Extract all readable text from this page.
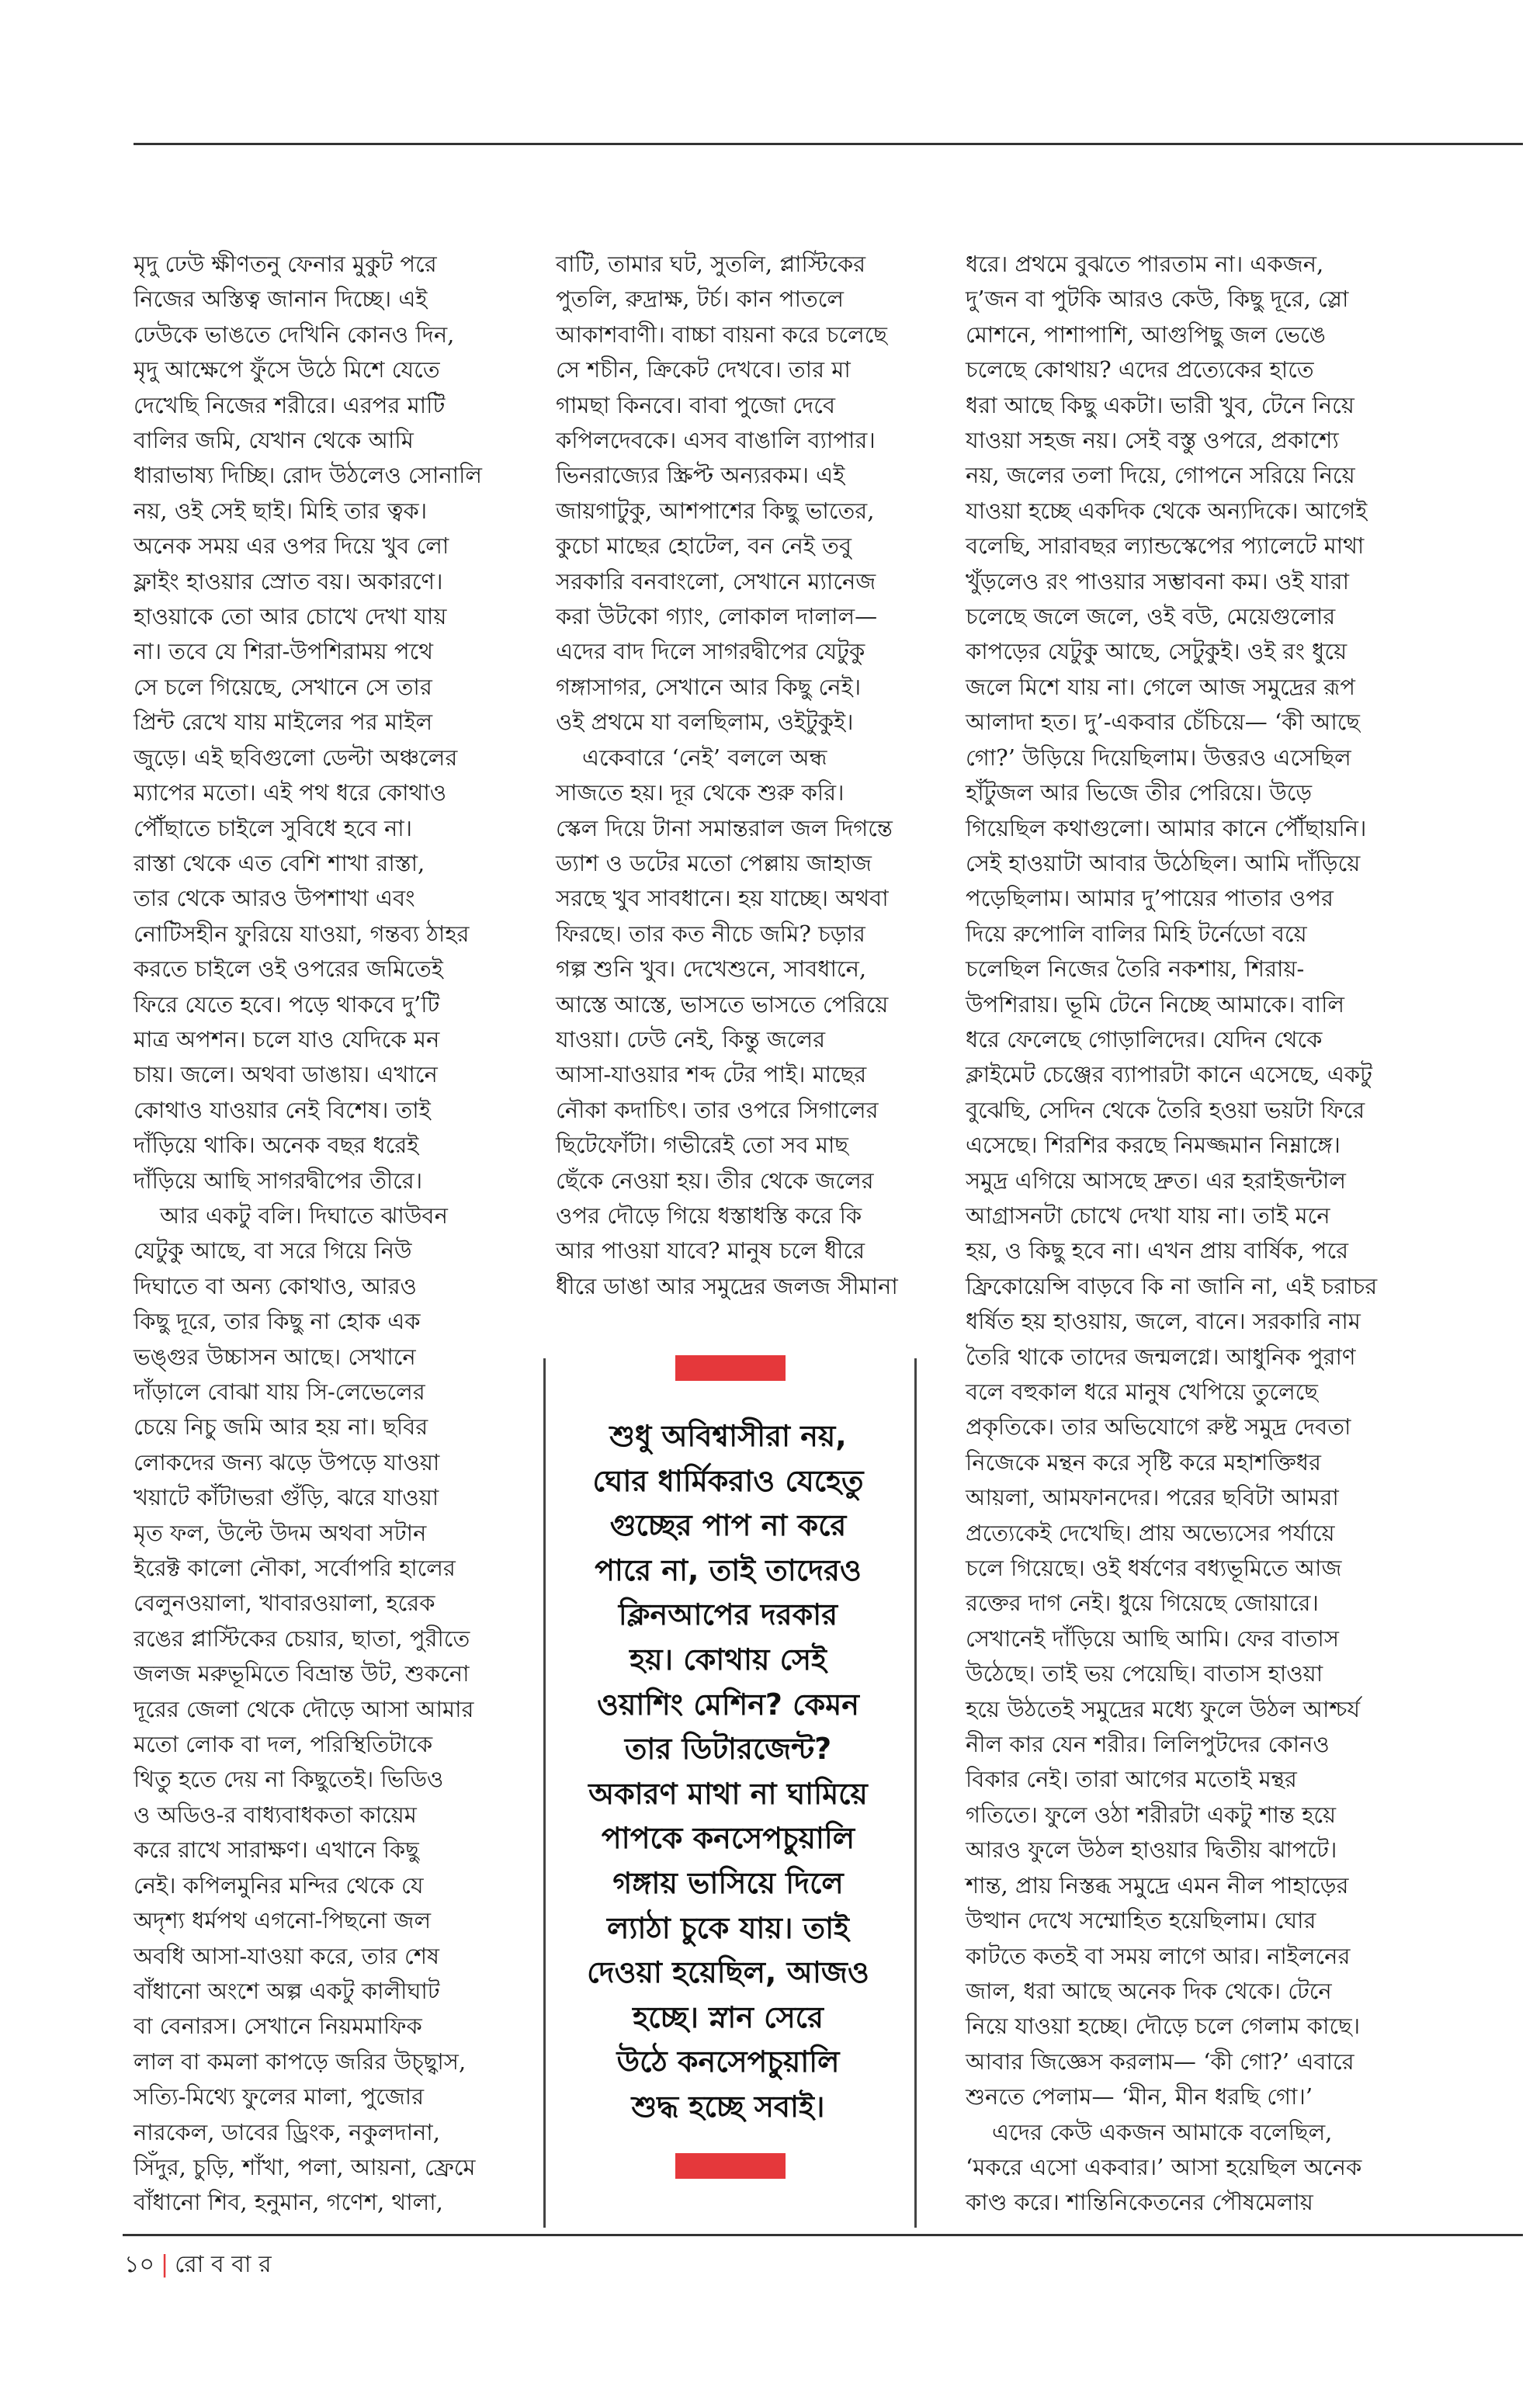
মৃদু ঢেউ ক্ষীণতনু ফেনার মুকুট পরে

নিজের অস্তিত্ব জানান দিচ্ছে। এই

ঢেউকে ভাঙতে দেখিনি কোনও দিন,

মৃদু আক্ষেপে ফুঁসে উঠে মিশে যেতে

দেখেছি নিজের শরীরে। এরপর মাটি

বালির জমি, যেখান থেকে আমি

ধারাভাষ্য দিচ্ছি। রোদ উঠলেও সোনালি

নয়, ওই সেই ছাই। মিহি তার ত্বক।

অনেক সময় এর ওপর দিয়ে খুব লো

ফ্লাইং হাওয়ার স্রোত বয়। অকারণে।

হাওয়াকে তো আর চোখে দেখা যায়

না। তবে যে শিরা-উপশিরাময় পথে

সে চলে গিয়েছে, সেখানে সে তার

প্রিন্ট রেখে যায় মাইলের পর মাইল

জুড়ে। এই ছবিগুলো ডেল্টা অঞ্চলের

ম্যাপের মতো। এই পথ ধরে কোথাও

পৌঁছাতে চাইলে সুবিধে হবে না।

রাস্তা থেকে এত বেশি শাখা রাস্তা,

তার থেকে আরও উপশাখা এবং

নোটিসহীন ফুরিয়ে যাওয়া, গন্তব্য ঠাহর

করতে চাইলে ওই ওপরের জমিতেই

ফিরে যেতে হবে। পড়ে থাকবে দু’টি

মাত্র অপশন। চলে যাও যেদিকে মন

চায়। জলে। অথবা ডাঙায়। এখানে

কোথাও যাওয়ার নেই বিশেষ। তাই

দাঁড়িয়ে থাকি। অনেক বছর ধরেই

দাঁড়িয়ে আছি সাগরদ্বীপের তীরে।

আর একটু বলি। দিঘাতে ঝাউবন

যেটুকু আছে, বা সরে গিয়ে নিউ

দিঘাতে বা অন্য কোথাও, আরও

কিছু দূরে, তার কিছু না হোক এক

ভঙ্গুর উচ্চাসন আছে। সেখানে

দাঁড়ালে বোঝা যায় সি-লেভেলের

চেয়ে নিচু জমি আর হয় না। ছবির

লোকদের জন্য ঝড়ে উপড়ে যাওয়া

খয়াটে কাঁটাভরা গুঁড়ি, ঝরে যাওয়া

মৃত ফল, উল্টে উদম অথবা সটান

ইরেক্ট কালো নৌকা, সর্বোপরি হালের

বেলুনওয়ালা, খাবারওয়ালা, হরেক

রঙের প্লাস্টিকের চেয়ার, ছাতা, পুরীতে

জলজ মরুভূমিতে বিভ্রান্ত উট, শুকনো

দূরের জেলা থেকে দৌড়ে আসা আমার

মতো লোক বা দল, পরিস্থিতিটাকে

থিতু হতে দেয় না কিছুতেই। ভিডিও

ও অডিও-র বাধ্যবাধকতা কায়েম

করে রাখে সারাক্ষণ। এখানে কিছু

নেই। কপিলমুনির মন্দির থেকে যে

অদৃশ্য ধর্মপথ এগনো-পিছনো জল

অবধি আসা-যাওয়া করে, তার শেষ

বাঁধানো অংশে অল্প একটু কালীঘাট

বা বেনারস। সেখানে নিয়মমাফিক

লাল বা কমলা কাপড়ে জরির উচ্ছ্বাস,

সত্যি-মিথ্যে ফুলের মালা, পুজোর

নারকেল, ডাবের ড্রিংক, নকুলদানা,

সিঁদুর, চুড়ি, শাঁখা, পলা, আয়না, ফ্রেমে

বাঁধানো শিব, হনুমান, গণেশ, থালা,

বাটি, তামার ঘট, সুতলি, প্লাস্টিকের

পুতলি, রুদ্রাক্ষ, টর্চ। কান পাতলে

আকাশবাণী। বাচ্চা বায়না করে চলেছে

সে শচীন, ক্রিকেট দেখবে। তার মা

গামছা কিনবে। বাবা পুজো দেবে

কপিলদেবকে। এসব বাঙালি ব্যাপার।

ভিনরাজ্যের স্ক্রিপ্ট অন্যরকম। এই

জায়গাটুকু, আশপাশের কিছু ভাতের,

কুচো মাছের হোটেল, বন নেই তবু

সরকারি বনবাংলো, সেখানে ম্যানেজ

করা উটকো গ্যাং, লোকাল দালাল—

এদের বাদ দিলে সাগরদ্বীপের যেটুকু

গঙ্গাসাগর, সেখানে আর কিছু নেই।

ওই প্রথমে যা বলছিলাম, ওইটুকুই।

একেবারে ‘নেই’ বললে অন্ধ

সাজতে হয়। দূর থেকে শুরু করি।

স্কেল দিয়ে টানা সমান্তরাল জল দিগন্তে

ড্যাশ ও ডটের মতো পেল্লায় জাহাজ

সরছে খুব সাবধানে। হয় যাচ্ছে। অথবা

ফিরছে। তার কত নীচে জমি? চড়ার

গল্প শুনি খুব। দেখেশুনে, সাবধানে,

আস্তে আস্তে, ভাসতে ভাসতে পেরিয়ে

যাওয়া। ঢেউ নেই, কিন্তু জলের

আসা-যাওয়ার শব্দ টের পাই। মাছের

নৌকা কদাচিৎ। তার ওপরে সিগালের

ছিটেফোঁটা। গভীরেই তো সব মাছ

ছেঁকে নেওয়া হয়। তীর থেকে জলের

ওপর দৌড়ে গিয়ে ধস্তাধস্তি করে কি

আর পাওয়া যাবে? মানুষ চলে ধীরে

ধীরে ডাঙা আর সমুদ্রের জলজ সীমানা

ধরে। প্রথমে বুঝতে পারতাম না। একজন,

দু’জন বা পুটকি আরও কেউ, কিছু দূরে, স্লো

মোশনে, পাশাপাশি, আগুপিছু জল ভেঙে

চলেছে কোথায়? এদের প্রত্যেকের হাতে

ধরা আছে কিছু একটা। ভারী খুব, টেনে নিয়ে

যাওয়া সহজ নয়। সেই বস্তু ওপরে, প্রকাশ্যে

নয়, জলের তলা দিয়ে, গোপনে সরিয়ে নিয়ে

যাওয়া হচ্ছে একদিক থেকে অন্যদিকে। আগেই

বলেছি, সারাবছর ল্যান্ডস্কেপের প্যালেটে মাথা

খুঁড়লেও রং পাওয়ার সম্ভাবনা কম। ওই যারা

চলেছে জলে জলে, ওই বউ, মেয়েগুলোর

কাপড়ের যেটুকু আছে, সেটুকুই। ওই রং ধুয়ে

জলে মিশে যায় না। গেলে আজ সমুদ্রের রূপ

আলাদা হত। দু’-একবার চেঁচিয়ে— ‘কী আছে

গো?’ উড়িয়ে দিয়েছিলাম। উত্তরও এসেছিল

হাঁটুজল আর ভিজে তীর পেরিয়ে। উড়ে

গিয়েছিল কথাগুলো। আমার কানে পৌঁছায়নি।

সেই হাওয়াটা আবার উঠেছিল। আমি দাঁড়িয়ে

পড়েছিলাম। আমার দু’পায়ের পাতার ওপর

দিয়ে রুপোলি বালির মিহি টর্নেডো বয়ে

চলেছিল নিজের তৈরি নকশায়, শিরায়-

উপশিরায়। ভূমি টেনে নিচ্ছে আমাকে। বালি

ধরে ফেলেছে গোড়ালিদের। যেদিন থেকে

ক্লাইমেট চেঞ্জের ব্যাপারটা কানে এসেছে, একটু

বুঝেছি, সেদিন থেকে তৈরি হওয়া ভয়টা ফিরে

এসেছে। শিরশির করছে নিমজ্জমান নিম্নাঙ্গে।

সমুদ্র এগিয়ে আসছে দ্রুত। এর হরাইজন্টাল

আগ্রাসনটা চোখে দেখা যায় না। তাই মনে

হয়, ও কিছু হবে না। এখন প্রায় বার্ষিক, পরে

ফ্রিকোয়েন্সি বাড়বে কি না জানি না, এই চরাচর

ধর্ষিত হয় হাওয়ায়, জলে, বানে। সরকারি নাম

তৈরি থাকে তাদের জন্মলগ্নে। আধুনিক পুরাণ

বলে বহুকাল ধরে মানুষ খেপিয়ে তুলেছে

প্রকৃতিকে। তার অভিযোগে রুষ্ট সমুদ্র দেবতা

নিজেকে মন্থন করে সৃষ্টি করে মহাশক্তিধর

আয়লা, আমফানদের। পরের ছবিটা আমরা

প্রত্যেকেই দেখেছি। প্রায় অভ্যেসের পর্যায়ে

চলে গিয়েছে। ওই ধর্ষণের বধ্যভূমিতে আজ

রক্তের দাগ নেই। ধুয়ে গিয়েছে জোয়ারে।

সেখানেই দাঁড়িয়ে আছি আমি। ফের বাতাস

উঠেছে। তাই ভয় পেয়েছি। বাতাস হাওয়া

হয়ে উঠতেই সমুদ্রের মধ্যে ফুলে উঠল আশ্চর্য

নীল কার যেন শরীর। লিলিপুটদের কোনও

বিকার নেই। তারা আগের মতোই মন্থর

গতিতে। ফুলে ওঠা শরীরটা একটু শান্ত হয়ে

আরও ফুলে উঠল হাওয়ার দ্বিতীয় ঝাপটে।

শান্ত, প্রায় নিস্তব্ধ সমুদ্রে এমন নীল পাহাড়ের

উত্থান দেখে সম্মোহিত হয়েছিলাম। ঘোর

কাটতে কতই বা সময় লাগে আর। নাইলনের

জাল, ধরা আছে অনেক দিক থেকে। টেনে

নিয়ে যাওয়া হচ্ছে। দৌড়ে চলে গেলাম কাছে।

আবার জিজ্ঞেস করলাম— ‘কী গো?’ এবারে

শুনতে পেলাম— ‘মীন, মীন ধরছি গো।’

এদের কেউ একজন আমাকে বলেছিল,

‘মকরে এসো একবার।’ আসা হয়েছিল অনেক

কাণ্ড করে। শান্তিনিকেতনের পৌষমেলায়

শুধু অবিশ্বাসীরা নয়,

ঘোর ধার্মিকরাও যেহেতু

গুচ্ছের পাপ না করে

পারে না, তাই তাদেরও

ক্লিনআপের দরকার

হয়। কোথায় সেই

ওয়াশিং মেশিন? কেমন

তার ডিটারজেন্ট?

অকারণ মাথা না ঘামিয়ে

পাপকে কনসেপচুয়ালি

গঙ্গায় ভাসিয়ে দিলে

ল্যাঠা চুকে যায়। তাই

দেওয়া হয়েছিল, আজও

হচ্ছে। স্নান সেরে

উঠে কনসেপচুয়ালি

শুদ্ধ হচ্ছে সবাই।

১০ | রো ব বা র
